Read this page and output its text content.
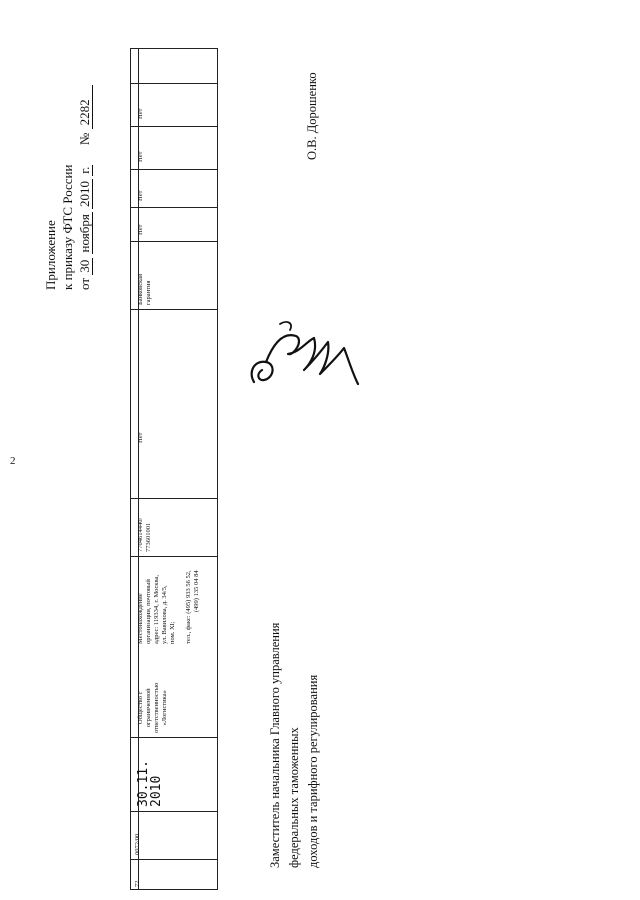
2
Приложение к приказу ФТС России от 30 ноября 2010 г.      № 2282
72
0072/00
30.11.
2010
Общество с ограниченной ответственностью «Логистика»
Местонахождение организации, почтовый адрес: 119334, г. Москва, ул. Вавилова, д. 34/5, пом. XI;
тел., факс: (495) 933 56 52, (499) 135 04 84
7704614440/ 773601001
Нет
Банковская гарантия
Нет
Нет
Нет
Нет
Заместитель начальника Главного управления федеральных таможенных доходов и тарифного регулирования
О.В. Дорошенко
